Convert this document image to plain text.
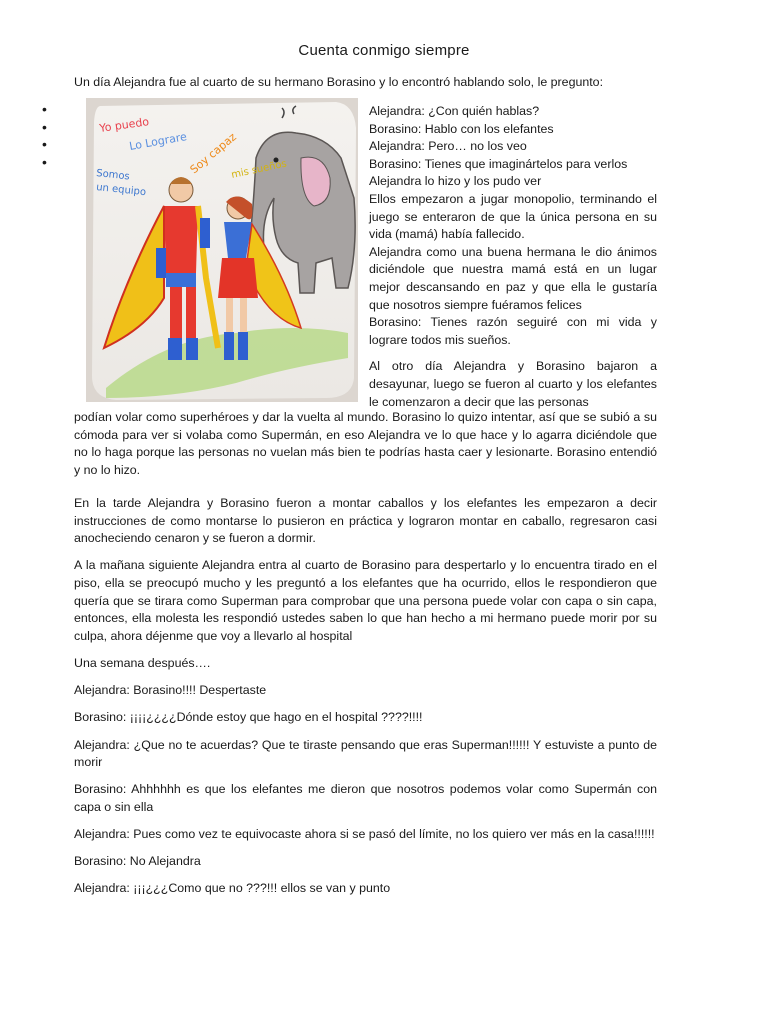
Cuenta conmigo siempre
Un día Alejandra fue al cuarto de su hermano Borasino y lo encontró hablando solo, le pregunto:
•
•
•
•
Yo puedo
Lo Lograre Soy capaz
Somos
un equipo
mis sueños

Alejandra: ¿Con quién hablas?

Borasino: Hablo con los elefantes

Alejandra: Pero… no los veo

Borasino: Tienes que imaginártelos para verlos

Alejandra lo hizo y los pudo ver

Ellos empezaron a jugar monopolio, terminando el juego se enteraron de que la única persona en su vida (mamá) había fallecido.

Alejandra como una buena hermana le dio ánimos diciéndole que nuestra mamá está en un lugar mejor descansando en paz y que ella le gustaría que nosotros siempre fuéramos felices

Borasino: Tienes razón seguiré con mi vida y lograre todos mis sueños.

Al otro día Alejandra y Borasino bajaron a desayunar, luego se fueron al cuarto y los elefantes le comenzaron a decir que las personas

podían volar como superhéroes y dar la vuelta al mundo. Borasino lo quizo intentar, así que se subió a su cómoda para ver si volaba como Supermán, en eso Alejandra ve lo que hace y lo agarra diciéndole que no lo haga porque las personas no vuelan más bien te podrías hasta caer y lesionarte. Borasino entendió y no lo hizo.

En la tarde Alejandra y Borasino fueron a montar caballos y los elefantes les empezaron a decir instrucciones de como montarse lo pusieron en práctica y lograron montar en caballo, regresaron casi anocheciendo cenaron y se fueron a dormir.

A la mañana siguiente Alejandra entra al cuarto de Borasino para despertarlo y lo encuentra tirado en el piso, ella se preocupó mucho y les preguntó a los elefantes que ha ocurrido, ellos le respondieron que quería que se tirara como Superman para comprobar que una persona puede volar con capa o sin capa, entonces, ella molesta les respondió ustedes saben lo que han hecho a mi hermano puede morir por su culpa, ahora déjenme que voy a llevarlo al hospital

Una semana después….

Alejandra: Borasino!!!! Despertaste

Borasino: ¡¡¡¡¿¿¿¿Dónde estoy que hago en el hospital ????!!!!

Alejandra: ¿Que no te acuerdas? Que te tiraste pensando que eras Superman!!!!!! Y estuviste a punto de morir

Borasino: Ahhhhhh es que los elefantes me dieron que nosotros podemos volar como Supermán con capa o sin ella

Alejandra: Pues como vez te equivocaste ahora si se pasó del límite, no los quiero ver más en la casa!!!!!!

Borasino: No Alejandra

Alejandra: ¡¡¡¿¿¿Como que no ???!!! ellos se van y punto
